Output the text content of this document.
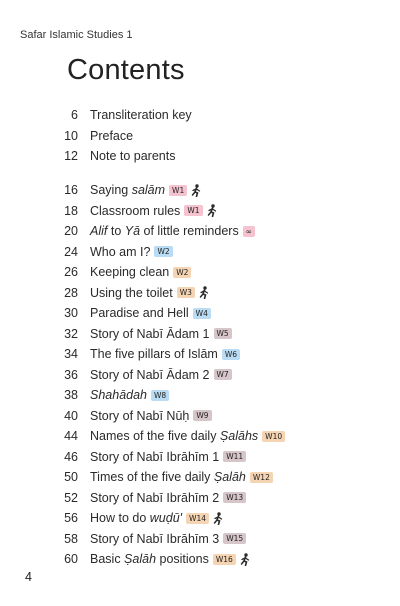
Safar Islamic Studies 1
Contents
6 Transliteration key
10 Preface
12 Note to parents
16 Saying salām W1
18 Classroom rules W1
20 Alif to Yā of little reminders ∞
24 Who am I? W2
26 Keeping clean W2
28 Using the toilet W3
30 Paradise and Hell W4
32 Story of Nabī Ādam 1 W5
34 The five pillars of Islām W6
36 Story of Nabī Ādam 2 W7
38 Shahādah W8
40 Story of Nabī Nūḥ W9
44 Names of the five daily Ṣalāhs W10
46 Story of Nabī Ibrāhīm 1 W11
50 Times of the five daily Ṣalāh W12
52 Story of Nabī Ibrāhīm 2 W13
56 How to do wuḍū' W14
58 Story of Nabī Ibrāhīm 3 W15
60 Basic Ṣalāh positions W16
4
